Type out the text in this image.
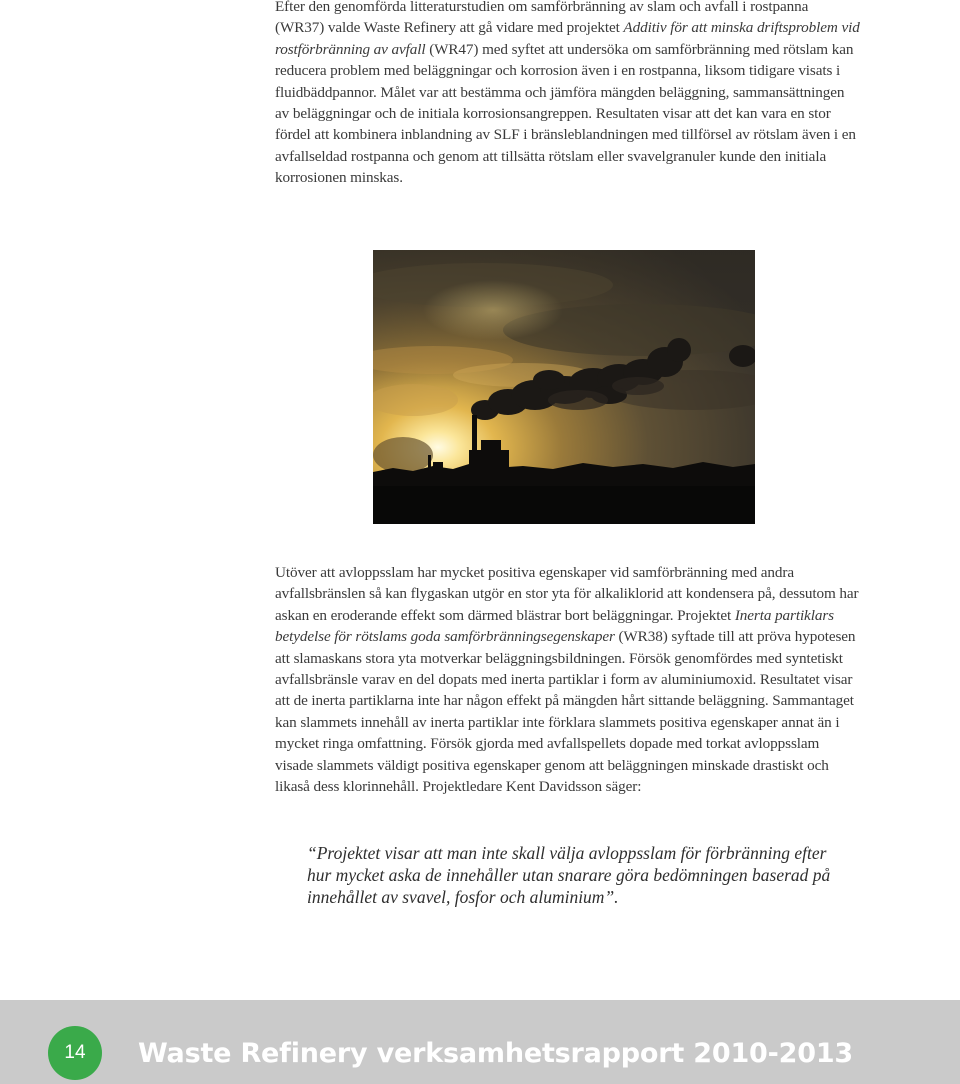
Efter den genomförda litteraturstudien om samförbränning av slam och avfall i rostpanna (WR37) valde Waste Refinery att gå vidare med projektet Additiv för att minska driftsproblem vid rostförbränning av avfall (WR47) med syftet att undersöka om samförbränning med rötslam kan reducera problem med beläggningar och korrosion även i en rostpanna, liksom tidigare visats i fluidbäddpannor. Målet var att bestämma och jämföra mängden beläggning, sammansättningen av beläggningar och de initiala korrosionsangreppen. Resultaten visar att det kan vara en stor fördel att kombinera inblandning av SLF i bränsleblandningen med tillförsel av rötslam även i en avfallseldad rostpanna och genom att tillsätta rötslam eller svavelgranuler kunde den initiala korrosionen minskas.

Utöver att avloppsslam har mycket positiva egenskaper vid samförbränning med andra avfallsbränslen så kan flygaskan utgör en stor yta för alkaliklorid att kondensera på, dessutom har askan en eroderande effekt som därmed blästrar bort beläggningar. Projektet Inerta partiklars betydelse för rötslams goda samförbränningsegenskaper (WR38) syftade till att pröva hypotesen att slamaskans stora yta motverkar beläggningsbildningen. Försök genomfördes med syntetiskt avfallsbränsle varav en del dopats med inerta partiklar i form av aluminiumoxid. Resultatet visar att de inerta partiklarna inte har någon effekt på mängden hårt sittande beläggning. Sammantaget kan slammets innehåll av inerta partiklar inte förklara slammets positiva egenskaper annat än i mycket ringa omfattning. Försök gjorda med avfallspellets dopade med torkat avloppsslam visade slammets väldigt positiva egenskaper genom att beläggningen minskade drastiskt och likaså dess klorinnehåll. Projektledare Kent Davidsson säger:

“Projektet visar att man inte skall välja avloppsslam för förbränning efter hur mycket aska de innehåller utan snarare göra bedömningen baserad på innehållet av svavel, fosfor och aluminium”.

14	Waste Refinery verksamhetsrapport 2010-2013
